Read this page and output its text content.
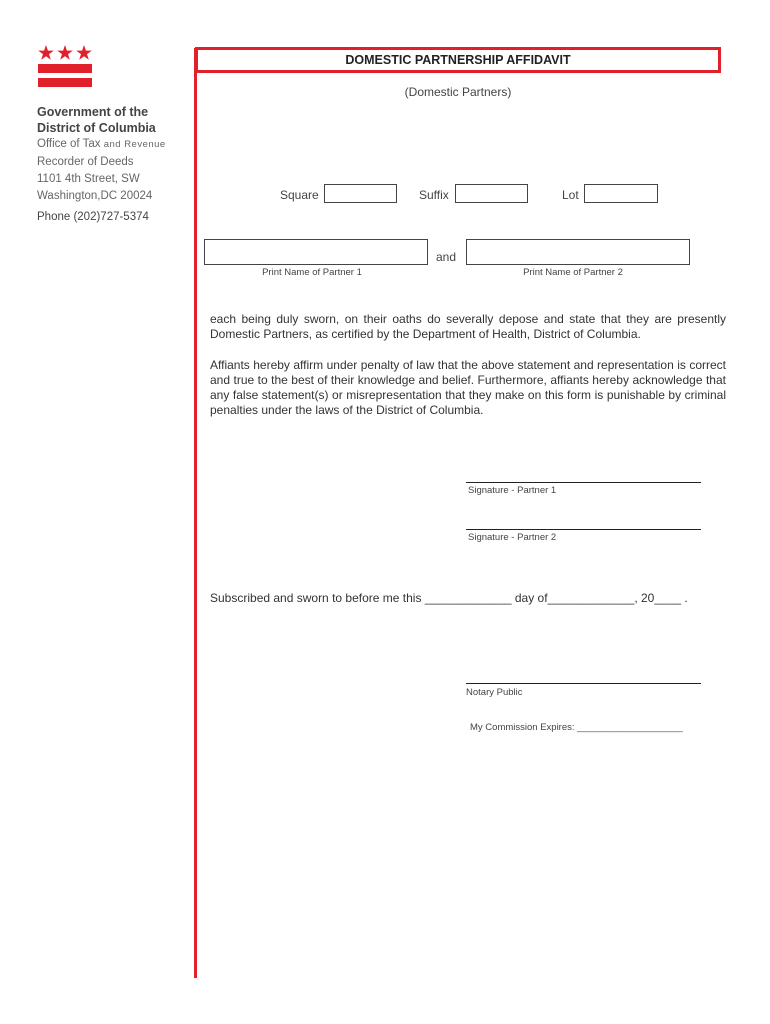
Government of the
District of Columbia
Office of Tax and Revenue
Recorder of Deeds
1101 4th Street, SW
Washington,DC 20024
Phone (202)727-5374
DOMESTIC PARTNERSHIP AFFIDAVIT
(Domestic Partners)
Square	Suffix	Lot
and
Print Name of Partner 1	Print Name of Partner 2
each being duly sworn, on their oaths do severally depose and state that they are presently Domestic Partners, as certified by the Department of Health, District of Columbia.
Affiants hereby affirm under penalty of law that the above statement and representation is correct and true to the best of their knowledge and belief. Furthermore, affiants hereby acknowledge that any false statement(s) or misrepresentation that they make on this form is punishable by criminal penalties under the laws of the District of Columbia.
Signature - Partner 1
Signature - Partner 2
Subscribed and sworn to before me this _____________ day of_____________, 20____ .
Notary Public
My Commission Expires: ____________________
